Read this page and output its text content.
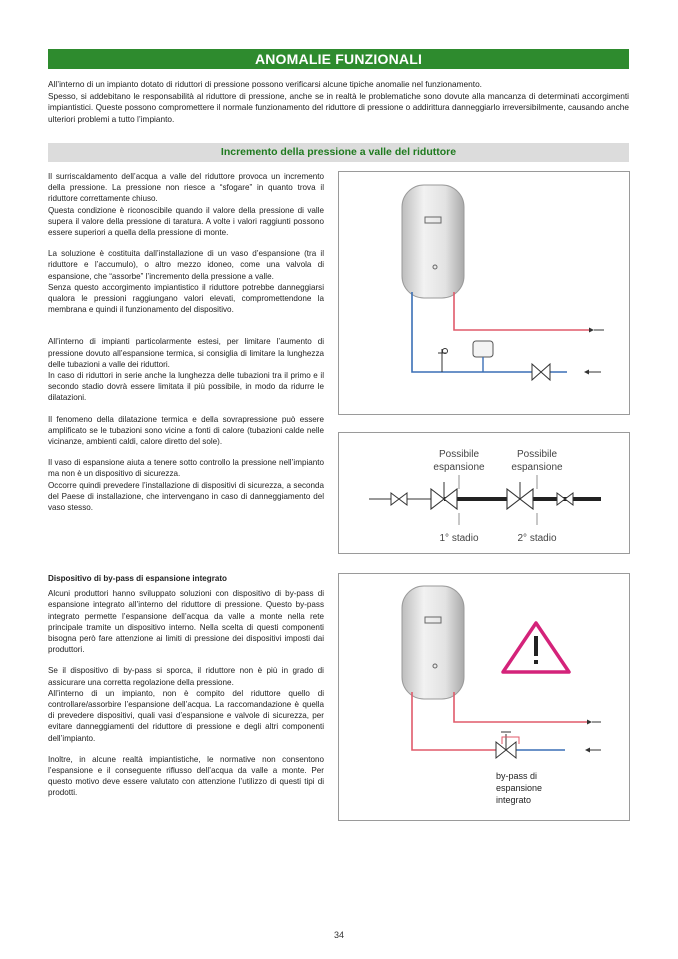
ANOMALIE FUNZIONALI

All’interno di un impianto dotato di riduttori di pressione possono verificarsi alcune tipiche anomalie nel funzionamento.

Spesso, si addebitano le responsabilità al riduttore di pressione, anche se in realtà le problematiche sono dovute alla mancanza di determinati accorgimenti impiantistici. Queste possono compromettere il normale funzionamento del riduttore di pressione o addirittura danneggiarlo irreversibilmente, causando anche ulteriori problemi a tutto l’impianto.

Incremento della pressione a valle del riduttore

Il surriscaldamento dell’acqua a valle del riduttore provoca un incremento della pressione. La pressione non riesce a “sfogare” in quanto trova il riduttore correttamente chiuso.

Questa condizione è riconoscibile quando il valore della pressione di valle supera il valore della pressione di taratura. A volte i valori raggiunti possono essere superiori a quella della pressione di monte.

La soluzione è costituita dall’installazione di un vaso d’espansione (tra il riduttore e l’accumulo), o altro mezzo idoneo, come una valvola di espansione, che “assorbe” l’incremento della pressione a valle.

Senza questo accorgimento impiantistico il riduttore potrebbe danneggiarsi qualora le pressioni raggiungano valori elevati, compromettendone la membrana e quindi il funzionamento del dispositivo.

All’interno di impianti particolarmente estesi, per limitare l’aumento di pressione dovuto all’espansione termica, si consiglia di limitare la lunghezza delle tubazioni a valle dei riduttori.

In caso di riduttori in serie anche la lunghezza delle tubazioni tra il primo e il secondo stadio dovrà essere limitata il più possibile, in modo da ridurre le dilatazioni.

Il fenomeno della dilatazione termica e della sovrapressione può essere amplificato se le tubazioni sono vicine a fonti di calore (tubazioni calde nelle vicinanze, ambienti caldi, calore diretto del sole).

Il vaso di espansione aiuta a tenere sotto controllo la pressione nell’impianto ma non è un dispositivo di sicurezza.

Occorre quindi prevedere l’installazione di dispositivi di sicurezza, a seconda del Paese di installazione, che intervengano in caso di danneggiamento del vaso stesso.

Dispositivo di by-pass di espansione integrato

Alcuni produttori hanno sviluppato soluzioni con dispositivo di by-pass di espansione integrato all’interno del riduttore di pressione. Questo by-pass integrato permette l’espansione dell’acqua da valle a monte nella rete principale tramite un dispositivo interno. Nella scelta di questi componenti bisogna però fare attenzione ai limiti di pressione dei dispositivi imposti dai produttori.

Se il dispositivo di by-pass si sporca, il riduttore non è più in grado di assicurare una corretta regolazione della pressione.

All’interno di un impianto, non è compito del riduttore quello di controllare/assorbire l’espansione dell’acqua. La raccomandazione è quella di prevedere dispositivi, quali vasi d’espansione e valvole di sicurezza, per evitare danneggiamenti del riduttore di pressione e degli altri componenti dell’impianto.

Inoltre, in alcune realtà impiantistiche, le normative non consentono l’espansione e il conseguente riflusso dell’acqua da valle a monte. Per questo motivo deve essere valutato con attenzione l’utilizzo di questi tipi di prodotti.

Possibile
espansione
Possibile
espansione
1° stadio	2° stadio
by-pass di
espansione
integrato
34
